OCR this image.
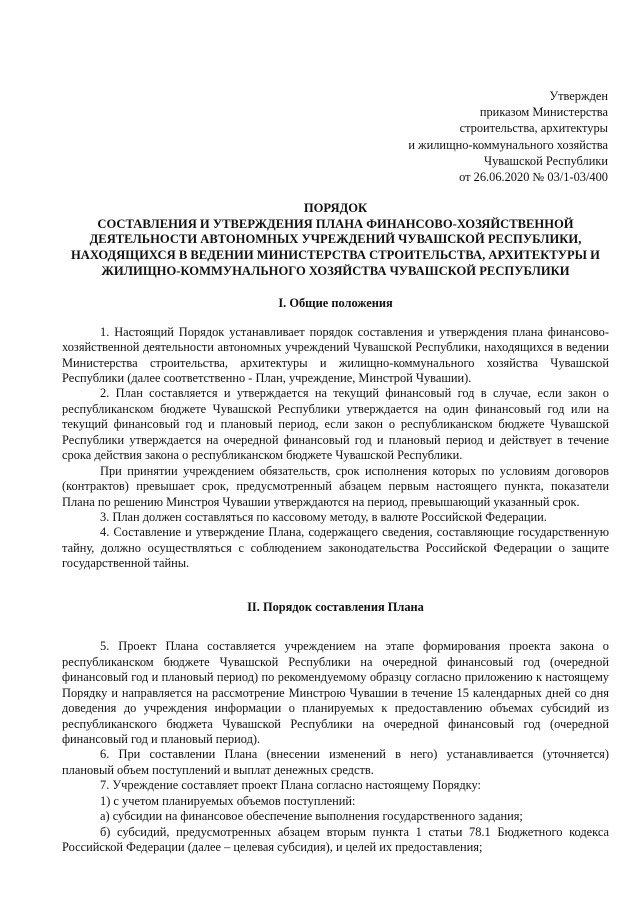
Утвержден
приказом Министерства
строительства, архитектуры
и жилищно-коммунального хозяйства
Чувашской Республики
от 26.06.2020 № 03/1-03/400
ПОРЯДОК
СОСТАВЛЕНИЯ И УТВЕРЖДЕНИЯ ПЛАНА ФИНАНСОВО-ХОЗЯЙСТВЕННОЙ
ДЕЯТЕЛЬНОСТИ АВТОНОМНЫХ УЧРЕЖДЕНИЙ ЧУВАШСКОЙ РЕСПУБЛИКИ,
НАХОДЯЩИХСЯ В ВЕДЕНИИ МИНИСТЕРСТВА СТРОИТЕЛЬСТВА, АРХИТЕКТУРЫ И
ЖИЛИЩНО-КОММУНАЛЬНОГО ХОЗЯЙСТВА ЧУВАШСКОЙ РЕСПУБЛИКИ
I. Общие положения

1. Настоящий Порядок устанавливает порядок составления и утверждения плана финансово-хозяйственной деятельности автономных учреждений Чувашской Республики, находящихся в ведении Министерства строительства, архитектуры и жилищно-коммунального хозяйства Чувашской Республики (далее соответственно - План, учреждение, Минстрой Чувашии).

2. План составляется и утверждается на текущий финансовый год в случае, если закон о республиканском бюджете Чувашской Республики утверждается на один финансовый год или на текущий финансовый год и плановый период, если закон о республиканском бюджете Чувашской Республики утверждается на очередной финансовый год и плановый период и действует в течение срока действия закона о республиканском бюджете Чувашской Республики.

При принятии учреждением обязательств, срок исполнения которых по условиям договоров (контрактов) превышает срок, предусмотренный абзацем первым настоящего пункта, показатели Плана по решению Минстроя Чувашии утверждаются на период, превышающий указанный срок.

3. План должен составляться по кассовому методу, в валюте Российской Федерации.

4. Составление и утверждение Плана, содержащего сведения, составляющие государственную тайну, должно осуществляться с соблюдением законодательства Российской Федерации о защите государственной тайны.

II. Порядок составления Плана

5. Проект Плана составляется учреждением на этапе формирования проекта закона о республиканском бюджете Чувашской Республики на очередной финансовый год (очередной финансовый год и плановый период) по рекомендуемому образцу согласно приложению к настоящему Порядку и направляется на рассмотрение Минстрою Чувашии в течение 15 календарных дней со дня доведения до учреждения информации о планируемых к предоставлению объемах субсидий из республиканского бюджета Чувашской Республики на очередной финансовый год (очередной финансовый год и плановый период).

6. При составлении Плана (внесении изменений в него) устанавливается (уточняется) плановый объем поступлений и выплат денежных средств.

7. Учреждение составляет проект Плана согласно настоящему Порядку:

1) с учетом планируемых объемов поступлений:

а) субсидии на финансовое обеспечение выполнения государственного задания;

б) субсидий, предусмотренных абзацем вторым пункта 1 статьи 78.1 Бюджетного кодекса Российской Федерации (далее – целевая субсидия), и целей их предоставления;
